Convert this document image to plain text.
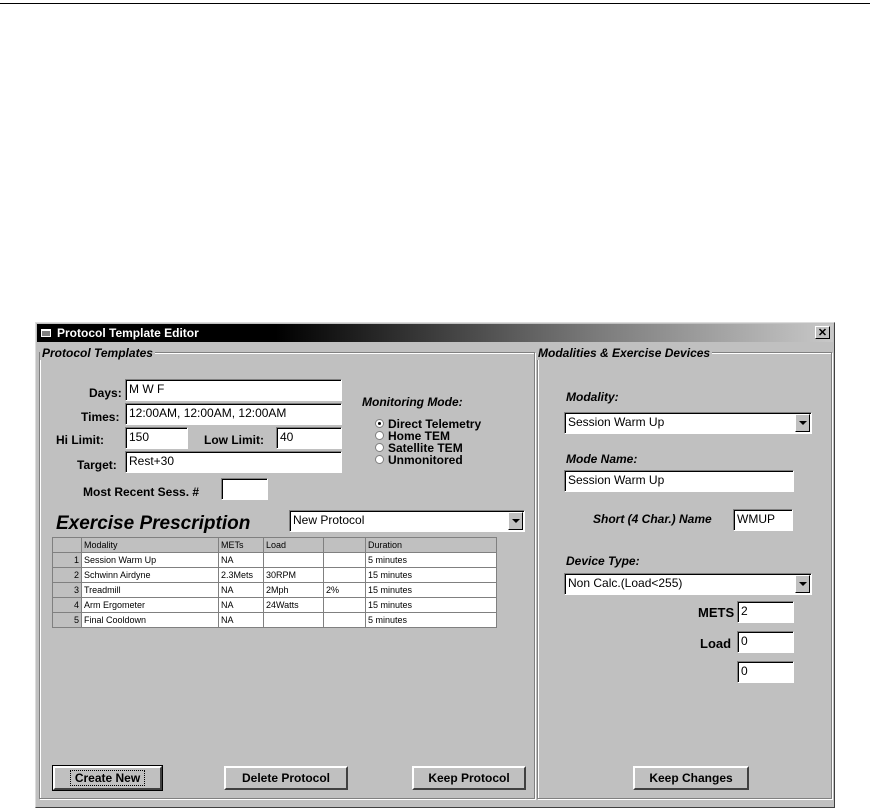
Protocol Template Editor	✕
Protocol Templates
Days: M W F
Times: 12:00AM, 12:00AM, 12:00AM
Hi Limit:	150	Low Limit:	40
Target:	Rest+30
Most Recent Sess. #
Monitoring Mode:
Direct Telemetry
Home TEM
Satellite TEM
Unmonitored
Exercise Prescription	New Protocol
	Modality	METs	Load		Duration
1	Session Warm Up	NA			5 minutes
2	Schwinn Airdyne	2.3Mets	30RPM		15 minutes
3	Treadmill	NA	2Mph	2%	15 minutes
4	Arm Ergometer	NA	24Watts		15 minutes
5	Final Cooldown	NA			5 minutes
Create New	Delete Protocol	Keep Protocol
Modalities & Exercise Devices
Modality:
Session Warm Up
Mode Name:
Session Warm Up
Short (4 Char.) Name	WMUP
Device Type:
Non Calc.(Load<255)
METS 2
Load 0
0
Keep Changes
